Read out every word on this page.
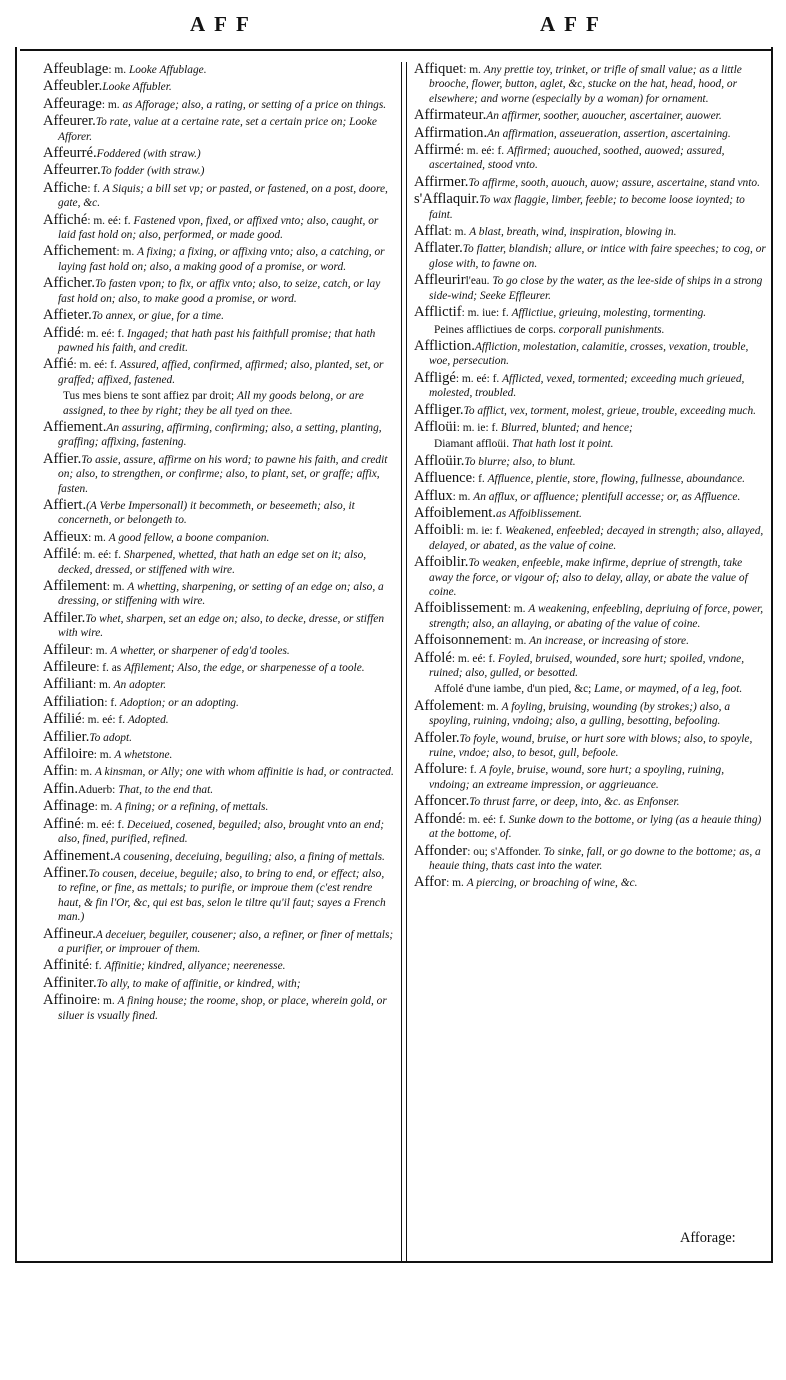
AFF	AFF
Affeublage: m. Looke Affublage.
Affeubler.Looke Affubler.
Affeurage: m. as Afforage; also, a rating, or setting of a price on things.
Affeurer.To rate, value at a certaine rate, set a certain price on; Looke Afforer.
Affeurré.Foddered (with straw.)
Affeurrer.To fodder (with straw.)
Affiche: f. A Siquis; a bill set vp; or pasted, or fastened, on a post, doore, gate, &c.
Affiché: m. eé: f. Fastened vpon, fixed, or affixed vnto; also, caught, or laid fast hold on; also, performed, or made good.
Affichement: m. A fixing; a fixing, or affixing vnto; also, a catching, or laying fast hold on; also, a making good of a promise, or word.
Afficher.To fasten vpon; to fix, or affix vnto; also, to seize, catch, or lay fast hold on; also, to make good a promise, or word.
Affieter.To annex, or giue, for a time.
Affidé: m. eé: f. Ingaged; that hath past his faithfull promise; that hath pawned his faith, and credit.
Affié: m. eé: f. Assured, affied, confirmed, affirmed; also, planted, set, or graffed; affixed, fastened.
Tus mes biens te sont affiez par droit; All my goods belong, or are assigned, to thee by right; they be all tyed on thee.
Affiement.An assuring, affirming, confirming; also, a setting, planting, graffing; affixing, fastening.
Affier.To assie, assure, affirme on his word; to pawne his faith, and credit on; also, to strengthen, or confirme; also, to plant, set, or graffe; affix, fasten.
Affiert.(A Verbe Impersonall) it becommeth, or beseemeth; also, it concerneth, or belongeth to.
Affieux: m. A good fellow, a boone companion.
Affilé: m. eé: f. Sharpened, whetted, that hath an edge set on it; also, decked, dressed, or stiffened with wire.
Affilement: m. A whetting, sharpening, or setting of an edge on; also, a dressing, or stiffening with wire.
Affiler.To whet, sharpen, set an edge on; also, to decke, dresse, or stiffen with wire.
Affileur: m. A whetter, or sharpener of edg'd tooles.
Affileure: f. as Affilement; Also, the edge, or sharpenesse of a toole.
Affiliant: m. An adopter.
Affiliation: f. Adoption; or an adopting.
Affilié: m. eé: f. Adopted.
Affilier.To adopt.
Affiloire: m. A whetstone.
Affin: m. A kinsman, or Ally; one with whom affinitie is had, or contracted.
Affin.Aduerb: That, to the end that.
Affinage: m. A fining; or a refining, of mettals.
Affiné: m. eé: f. Deceiued, cosened, beguiled; also, brought vnto an end; also, fined, purified, refined.
Affinement.A cousening, deceiuing, beguiling; also, a fining of mettals.
Affiner.To cousen, deceiue, beguile; also, to bring to end, or effect; also, to refine, or fine, as mettals; to purifie, or improue them (c'est rendre haut, & fin l'Or, &c, qui est bas, selon le tiltre qu'il faut; sayes a French man.)
Affineur.A deceiuer, beguiler, cousener; also, a refiner, or finer of mettals; a purifier, or improuer of them.
Affinité: f. Affinitie; kindred, allyance; neerenesse.
Affiniter.To ally, to make of affinitie, or kindred, with;
Affinoire: m. A fining house; the roome, shop, or place, wherein gold, or siluer is vsually fined.
Affiquet: m. Any prettie toy, trinket, or trifle of small value; as a little brooche, flower, button, aglet, &c, stucke on the hat, head, hood, or elsewhere; and worne (especially by a woman) for ornament.
Affirmateur.An affirmer, soother, auoucher, ascertainer, auower.
Affirmation.An affirmation, asseueration, assertion, ascertaining.
Affirmé: m. eé: f. Affirmed; auouched, soothed, auowed; assured, ascertained, stood vnto.
Affirmer.To affirme, sooth, auouch, auow; assure, ascertaine, stand vnto.
s'Afflaquir.To wax flaggie, limber, feeble; to become loose ioynted; to faint.
Afflat: m. A blast, breath, wind, inspiration, blowing in.
Afflater.To flatter, blandish; allure, or intice with faire speeches; to cog, or glose with, to fawne on.
Affleurirl'eau. To go close by the water, as the lee-side of ships in a strong side-wind; Seeke Effleurer.
Afflictif: m. iue: f. Afflictiue, grieuing, molesting, tormenting.
Peines afflictiues de corps. corporall punishments.
Affliction.Affliction, molestation, calamitie, crosses, vexation, trouble, woe, persecution.
Affligé: m. eé: f. Afflicted, vexed, tormented; exceeding much grieued, molested, troubled.
Affliger.To afflict, vex, torment, molest, grieue, trouble, exceeding much.
Affloüi: m. ie: f. Blurred, blunted; and hence;
Diamant affloüi. That hath lost it point.
Affloüir.To blurre; also, to blunt.
Affluence: f. Affluence, plentie, store, flowing, fullnesse, aboundance.
Afflux: m. An afflux, or affluence; plentifull accesse; or, as Affluence.
Affoiblement.as Affoiblissement.
Affoibli: m. ie: f. Weakened, enfeebled; decayed in strength; also, allayed, delayed, or abated, as the value of coine.
Affoiblir.To weaken, enfeeble, make infirme, depriue of strength, take away the force, or vigour of; also to delay, allay, or abate the value of coine.
Affoiblissement: m. A weakening, enfeebling, depriuing of force, power, strength; also, an allaying, or abating of the value of coine.
Affoisonnement: m. An increase, or increasing of store.
Affolé: m. eé: f. Foyled, bruised, wounded, sore hurt; spoiled, vndone, ruined; also, gulled, or besotted.
Affolé d'une iambe, d'un pied, &c; Lame, or maymed, of a leg, foot.
Affolement: m. A foyling, bruising, wounding (by strokes;) also, a spoyling, ruining, vndoing; also, a gulling, besotting, befooling.
Affoler.To foyle, wound, bruise, or hurt sore with blows; also, to spoyle, ruine, vndoe; also, to besot, gull, befoole.
Affolure: f. A foyle, bruise, wound, sore hurt; a spoyling, ruining, vndoing; an extreame impression, or aggrieuance.
Affoncer.To thrust farre, or deep, into, &c. as Enfonser.
Affondé: m. eé: f. Sunke down to the bottome, or lying (as a heauie thing) at the bottome, of.
Affonder: ou; s'Affonder. To sinke, fall, or go downe to the bottome; as, a heauie thing, thats cast into the water.
Affor: m. A piercing, or broaching of wine, &c.
Afforage:
